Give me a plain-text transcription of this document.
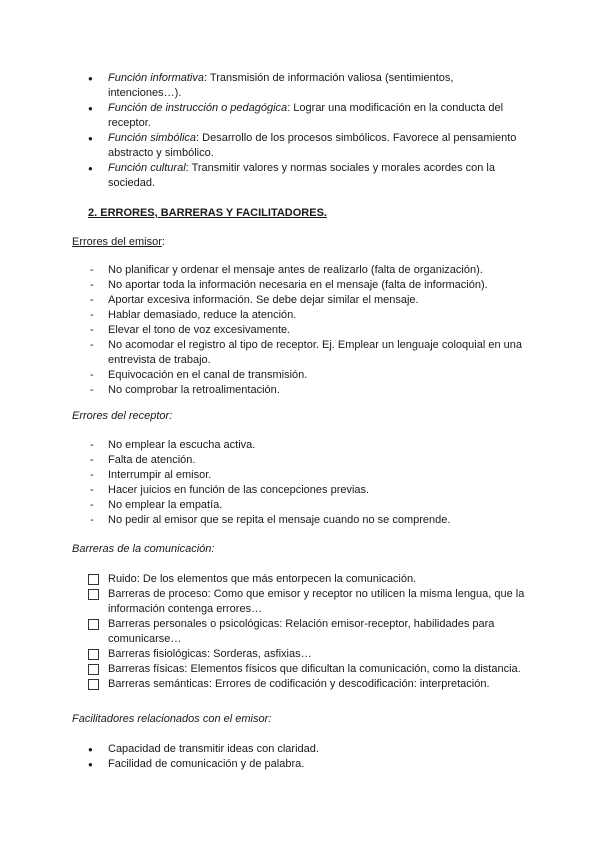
● Función informativa: Transmisión de información valiosa (sentimientos, intenciones…).
● Función de instrucción o pedagógica: Lograr una modificación en la conducta del receptor.
● Función simbólica: Desarrollo de los procesos simbólicos. Favorece al pensamiento abstracto y simbólico.
● Función cultural: Transmitir valores y normas sociales y morales acordes con la sociedad.
2. ERRORES, BARRERAS Y FACILITADORES.
Errores del emisor:
- No planificar y ordenar el mensaje antes de realizarlo (falta de organización).
- No aportar toda la información necesaria en el mensaje (falta de información).
- Aportar excesiva información. Se debe dejar similar el mensaje.
- Hablar demasiado, reduce la atención.
- Elevar el tono de voz excesivamente.
- No acomodar el registro al tipo de receptor. Ej. Emplear un lenguaje coloquial en una entrevista de trabajo.
- Equivocación en el canal de transmisión.
- No comprobar la retroalimentación.
Errores del receptor:
- No emplear la escucha activa.
- Falta de atención.
- Interrumpir al emisor.
- Hacer juicios en función de las concepciones previas.
- No emplear la empatía.
- No pedir al emisor que se repita el mensaje cuando no se comprende.
Barreras de la comunicación:
Ruido: De los elementos que más entorpecen la comunicación.
Barreras de proceso: Como que emisor y receptor no utilicen la misma lengua, que la información contenga errores…
Barreras personales o psicológicas: Relación emisor-receptor, habilidades para comunicarse…
Barreras fisiológicas: Sorderas, asfixias…
Barreras físicas: Elementos físicos que dificultan la comunicación, como la distancia.
Barreras semánticas: Errores de codificación y descodificación: interpretación.
Facilitadores relacionados con el emisor:
● Capacidad de transmitir ideas con claridad.
● Facilidad de comunicación y de palabra.
